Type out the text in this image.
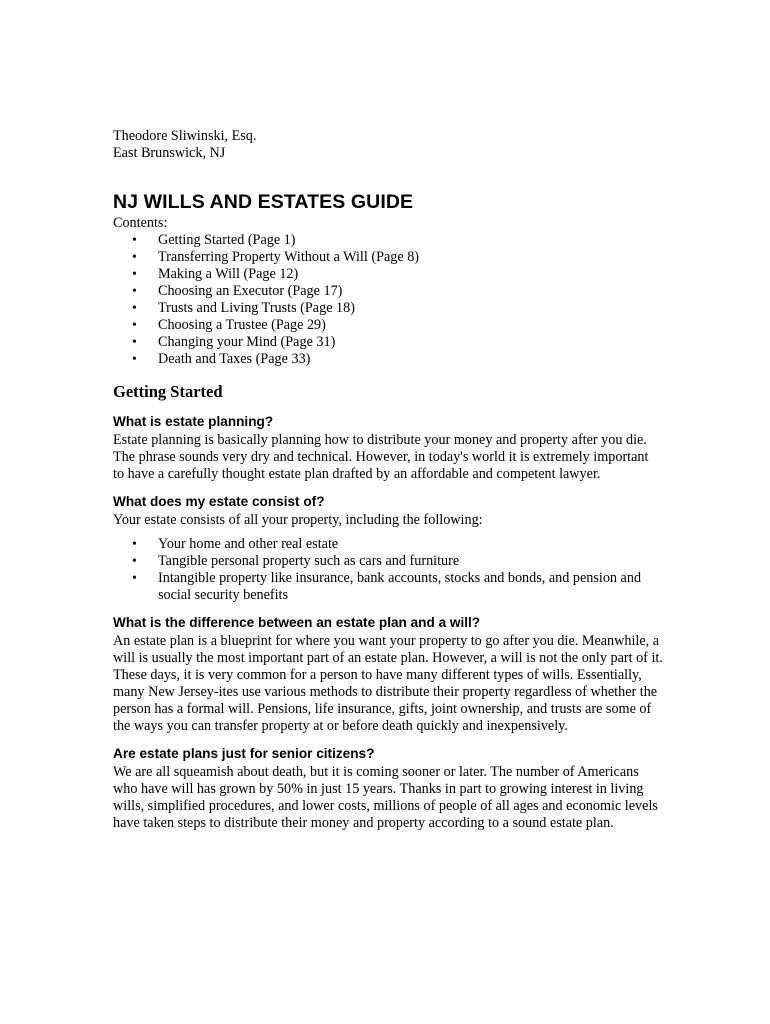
Theodore Sliwinski, Esq.
East Brunswick, NJ
NJ WILLS AND ESTATES GUIDE
Contents:
• Getting Started (Page 1)
• Transferring Property Without a Will (Page 8)
• Making a Will (Page 12)
• Choosing an Executor (Page 17)
• Trusts and Living Trusts (Page 18)
• Choosing a Trustee (Page 29)
• Changing your Mind (Page 31)
• Death and Taxes (Page 33)
Getting Started
What is estate planning?

Estate planning is basically planning how to distribute your money and property after you die. The phrase sounds very dry and technical. However, in today's world it is extremely important to have a carefully thought estate plan drafted by an affordable and competent lawyer.

What does my estate consist of?

Your estate consists of all your property, including the following:

• Your home and other real estate
• Tangible personal property such as cars and furniture
• Intangible property like insurance, bank accounts, stocks and bonds, and pension and social security benefits
What is the difference between an estate plan and a will?

An estate plan is a blueprint for where you want your property to go after you die. Meanwhile, a will is usually the most important part of an estate plan. However, a will is not the only part of it. These days, it is very common for a person to have many different types of wills. Essentially, many New Jersey-ites use various methods to distribute their property regardless of whether the person has a formal will. Pensions, life insurance, gifts, joint ownership, and trusts are some of the ways you can transfer property at or before death quickly and inexpensively.

Are estate plans just for senior citizens?

We are all squeamish about death, but it is coming sooner or later. The number of Americans who have will has grown by 50% in just 15 years. Thanks in part to growing interest in living wills, simplified procedures, and lower costs, millions of people of all ages and economic levels have taken steps to distribute their money and property according to a sound estate plan.
